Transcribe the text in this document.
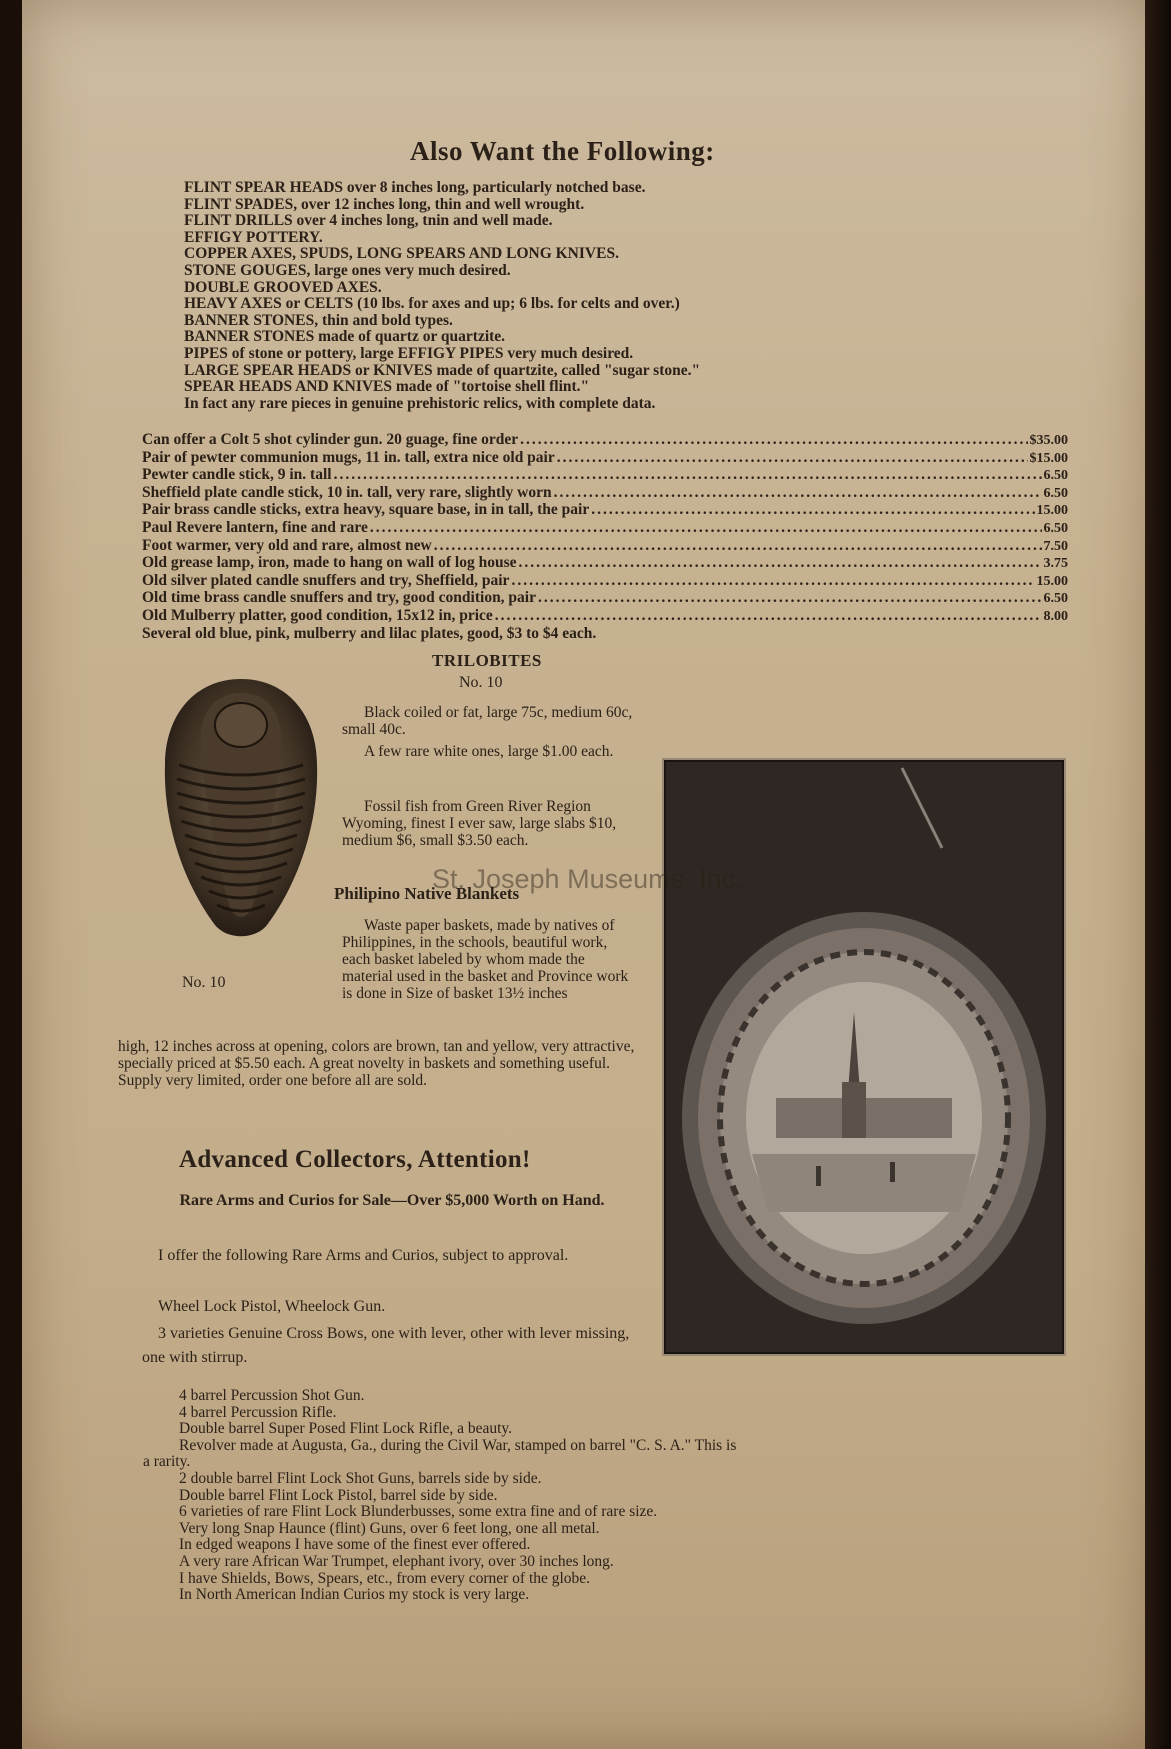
Also Want the Following:
FLINT SPEAR HEADS over 8 inches long, particularly notched base.
FLINT SPADES, over 12 inches long, thin and well wrought.
FLINT DRILLS over 4 inches long, tnin and well made.
EFFIGY POTTERY.
COPPER AXES, SPUDS, LONG SPEARS AND LONG KNIVES.
STONE GOUGES, large ones very much desired.
DOUBLE GROOVED AXES.
HEAVY AXES or CELTS (10 lbs. for axes and up; 6 lbs. for celts and over.)
BANNER STONES, thin and bold types.
BANNER STONES made of quartz or quartzite.
PIPES of stone or pottery, large EFFIGY PIPES very much desired.
LARGE SPEAR HEADS or KNIVES made of quartzite, called "sugar stone."
SPEAR HEADS AND KNIVES made of "tortoise shell flint."
In fact any rare pieces in genuine prehistoric relics, with complete data.
Can offer a Colt 5 shot cylinder gun. 20 guage, fine order .....	$35.00
Pair of pewter communion mugs, 11 in. tall, extra nice old pair .....	$15.00
Pewter candle stick, 9 in. tall .....	6.50
Sheffield plate candle stick, 10 in. tall, very rare, slightly worn .....	6.50
Pair brass candle sticks, extra heavy, square base, in in tall, the pair .....	15.00
Paul Revere lantern, fine and rare .....	6.50
Foot warmer, very old and rare, almost new .....	7.50
Old grease lamp, iron, made to hang on wall of log house .....	3.75
Old silver plated candle snuffers and try, Sheffield, pair .....	15.00
Old time brass candle snuffers and try, good condition, pair .....	6.50
Old Mulberry platter, good condition, 15x12 in, price .....	8.00
Several old blue, pink, mulberry and lilac plates, good, $3 to $4 each.
TRILOBITES
No. 10
No. 10
Black coiled or fat, large 75c, medium 60c, small 40c.
A few rare white ones, large $1.00 each.
Fossil fish from Green River Region Wyoming, finest I ever saw, large slabs $10, medium $6, small $3.50 each.
Philipino Native Blankets
Waste paper baskets, made by natives of Philippines, in the schools, beautiful work, each basket labeled by whom made the material used in the basket and Province work is done in Size of basket 13½ inches
high, 12 inches across at opening, colors are brown, tan and yellow, very attractive, specially priced at $5.50 each. A great novelty in baskets and something useful. Supply very limited, order one before all are sold.
St. Joseph Museums, Inc.
Advanced Collectors, Attention!
Rare Arms and Curios for Sale—Over $5,000 Worth on Hand.
I offer the following Rare Arms and Curios, subject to approval.
Wheel Lock Pistol, Wheelock Gun.
3 varieties Genuine Cross Bows, one with lever, other with lever missing, one with stirrup.
4 barrel Percussion Shot Gun.
4 barrel Percussion Rifle.
Double barrel Super Posed Flint Lock Rifle, a beauty.
Revolver made at Augusta, Ga., during the Civil War, stamped on barrel "C. S. A." This is
a rarity.
2 double barrel Flint Lock Shot Guns, barrels side by side.
Double barrel Flint Lock Pistol, barrel side by side.
6 varieties of rare Flint Lock Blunderbusses, some extra fine and of rare size.
Very long Snap Haunce (flint) Guns, over 6 feet long, one all metal.
In edged weapons I have some of the finest ever offered.
A very rare African War Trumpet, elephant ivory, over 30 inches long.
I have Shields, Bows, Spears, etc., from every corner of the globe.
In North American Indian Curios my stock is very large.
